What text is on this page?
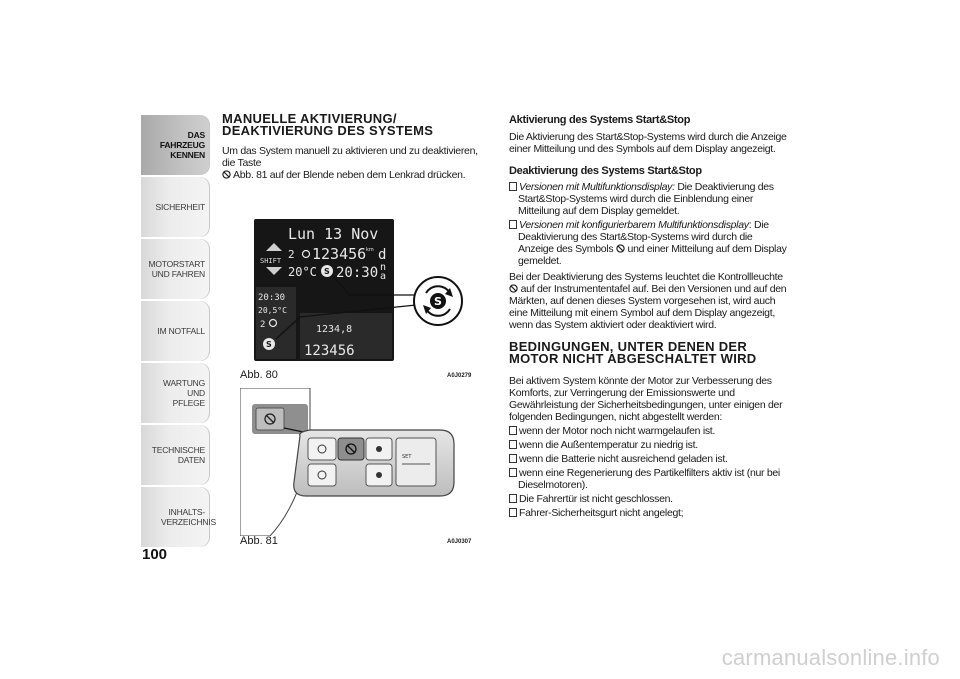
DAS FAHRZEUG KENNEN
SICHERHEIT
MOTORSTART UND FAHREN
IM NOTFALL
WARTUNG UND PFLEGE
TECHNISCHE DATEN
INHALTS-VERZEICHNIS
100
MANUELLE AKTIVIERUNG/ DEAKTIVIERUNG DES SYSTEMS
Um das System manuell zu aktivieren und zu deaktivieren, die Taste
Abb. 81 auf der Blende neben dem Lenkrad drücken.
SHIFT
Lun 13 Nov
2 123456 km d
n
a
20°C S 20:30
20:30
20,5°C
2
S
1234,8
123456
S
Abb. 80	A0J0279
SET
Abb. 81	A0J0307
Aktivierung des Systems Start&Stop
Die Aktivierung des Start&Stop-Systems wird durch die Anzeige einer Mitteilung und des Symbols auf dem Display angezeigt.
Deaktivierung des Systems Start&Stop
Versionen mit Multifunktionsdisplay: Die Deaktivierung des Start&Stop-Systems wird durch die Einblendung einer Mitteilung auf dem Display gemeldet.
Versionen mit konfigurierbarem Multifunktionsdisplay: Die Deaktivierung des Start&Stop-Systems wird durch die Anzeige des Symbols und einer Mitteilung auf dem Display gemeldet.
Bei der Deaktivierung des Systems leuchtet die Kontrollleuchte  auf der Instrumententafel auf. Bei den Versionen und auf den Märkten, auf denen dieses System vorgesehen ist, wird auch eine Mitteilung mit einem Symbol auf dem Display angezeigt, wenn das System aktiviert oder deaktiviert wird.
BEDINGUNGEN, UNTER DENEN DER MOTOR NICHT ABGESCHALTET WIRD
Bei aktivem System könnte der Motor zur Verbesserung des Komforts, zur Verringerung der Emissionswerte und Gewährleistung der Sicherheitsbedingungen, unter einigen der folgenden Bedingungen, nicht abgestellt werden:
wenn der Motor noch nicht warmgelaufen ist.
wenn die Außentemperatur zu niedrig ist.
wenn die Batterie nicht ausreichend geladen ist.
wenn eine Regenerierung des Partikelfilters aktiv ist (nur bei Dieselmotoren).
Die Fahrertür ist nicht geschlossen.
Fahrer-Sicherheitsgurt nicht angelegt;
carmanualsonline.info
